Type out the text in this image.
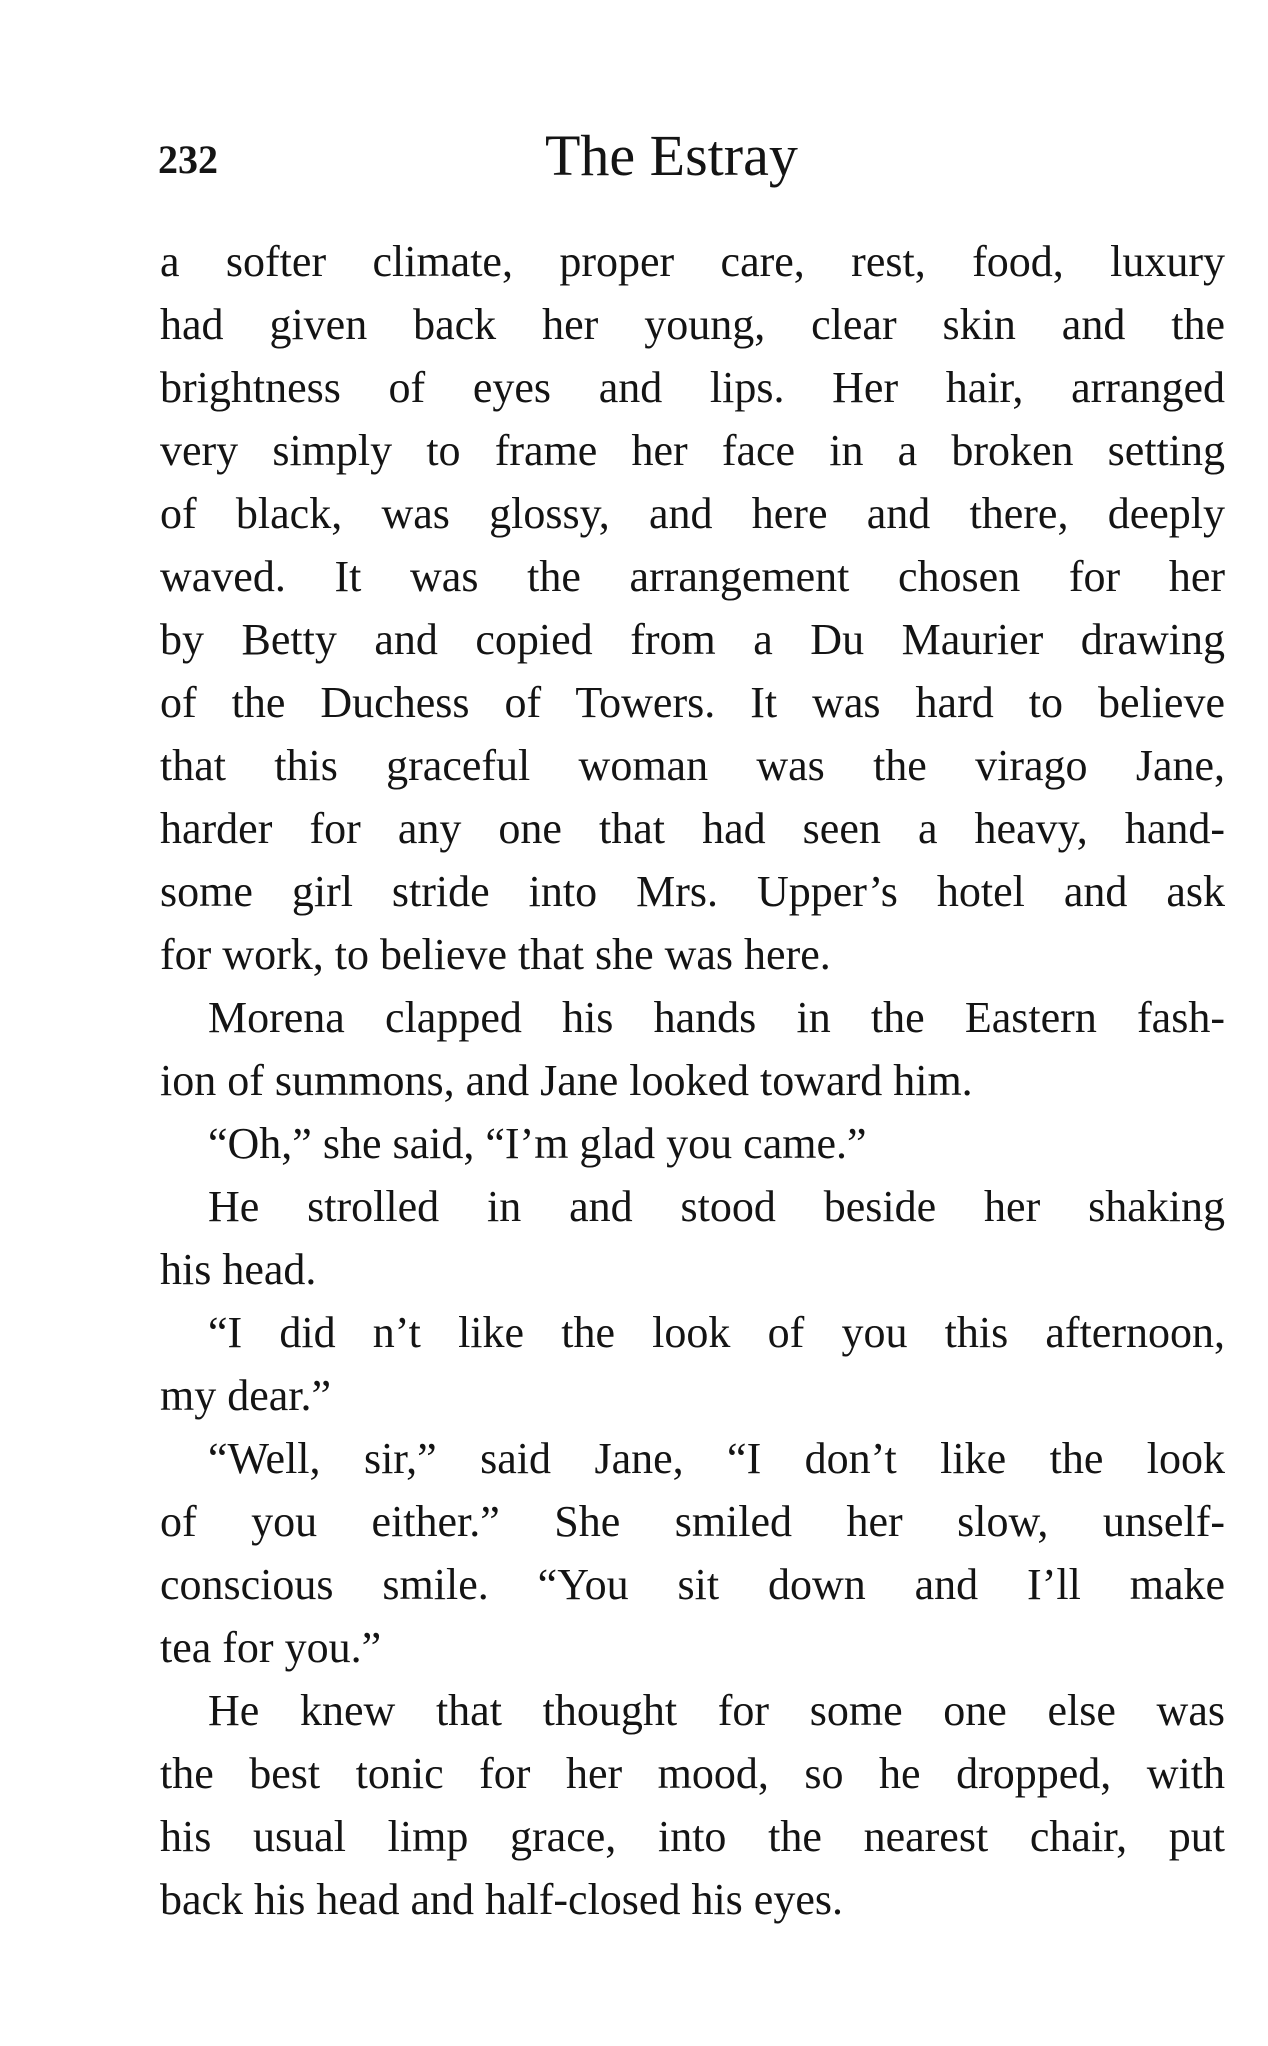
232	The Estray
a softer climate, proper care, rest, food, luxury
had given back her young, clear skin and the
brightness of eyes and lips. Her hair, arranged
very simply to frame her face in a broken setting
of black, was glossy, and here and there, deeply
waved. It was the arrangement chosen for her
by Betty and copied from a Du Maurier drawing
of the Duchess of Towers. It was hard to believe
that this graceful woman was the virago Jane,
harder for any one that had seen a heavy, hand-
some girl stride into Mrs. Upper’s hotel and ask
for work, to believe that she was here.
Morena clapped his hands in the Eastern fash-
ion of summons, and Jane looked toward him.
“Oh,” she said, “I’m glad you came.”
He strolled in and stood beside her shaking
his head.
“I did n’t like the look of you this afternoon,
my dear.”
“Well, sir,” said Jane, “I don’t like the look
of you either.” She smiled her slow, unself-
conscious smile. “You sit down and I’ll make
tea for you.”
He knew that thought for some one else was
the best tonic for her mood, so he dropped, with
his usual limp grace, into the nearest chair, put
back his head and half-closed his eyes.
